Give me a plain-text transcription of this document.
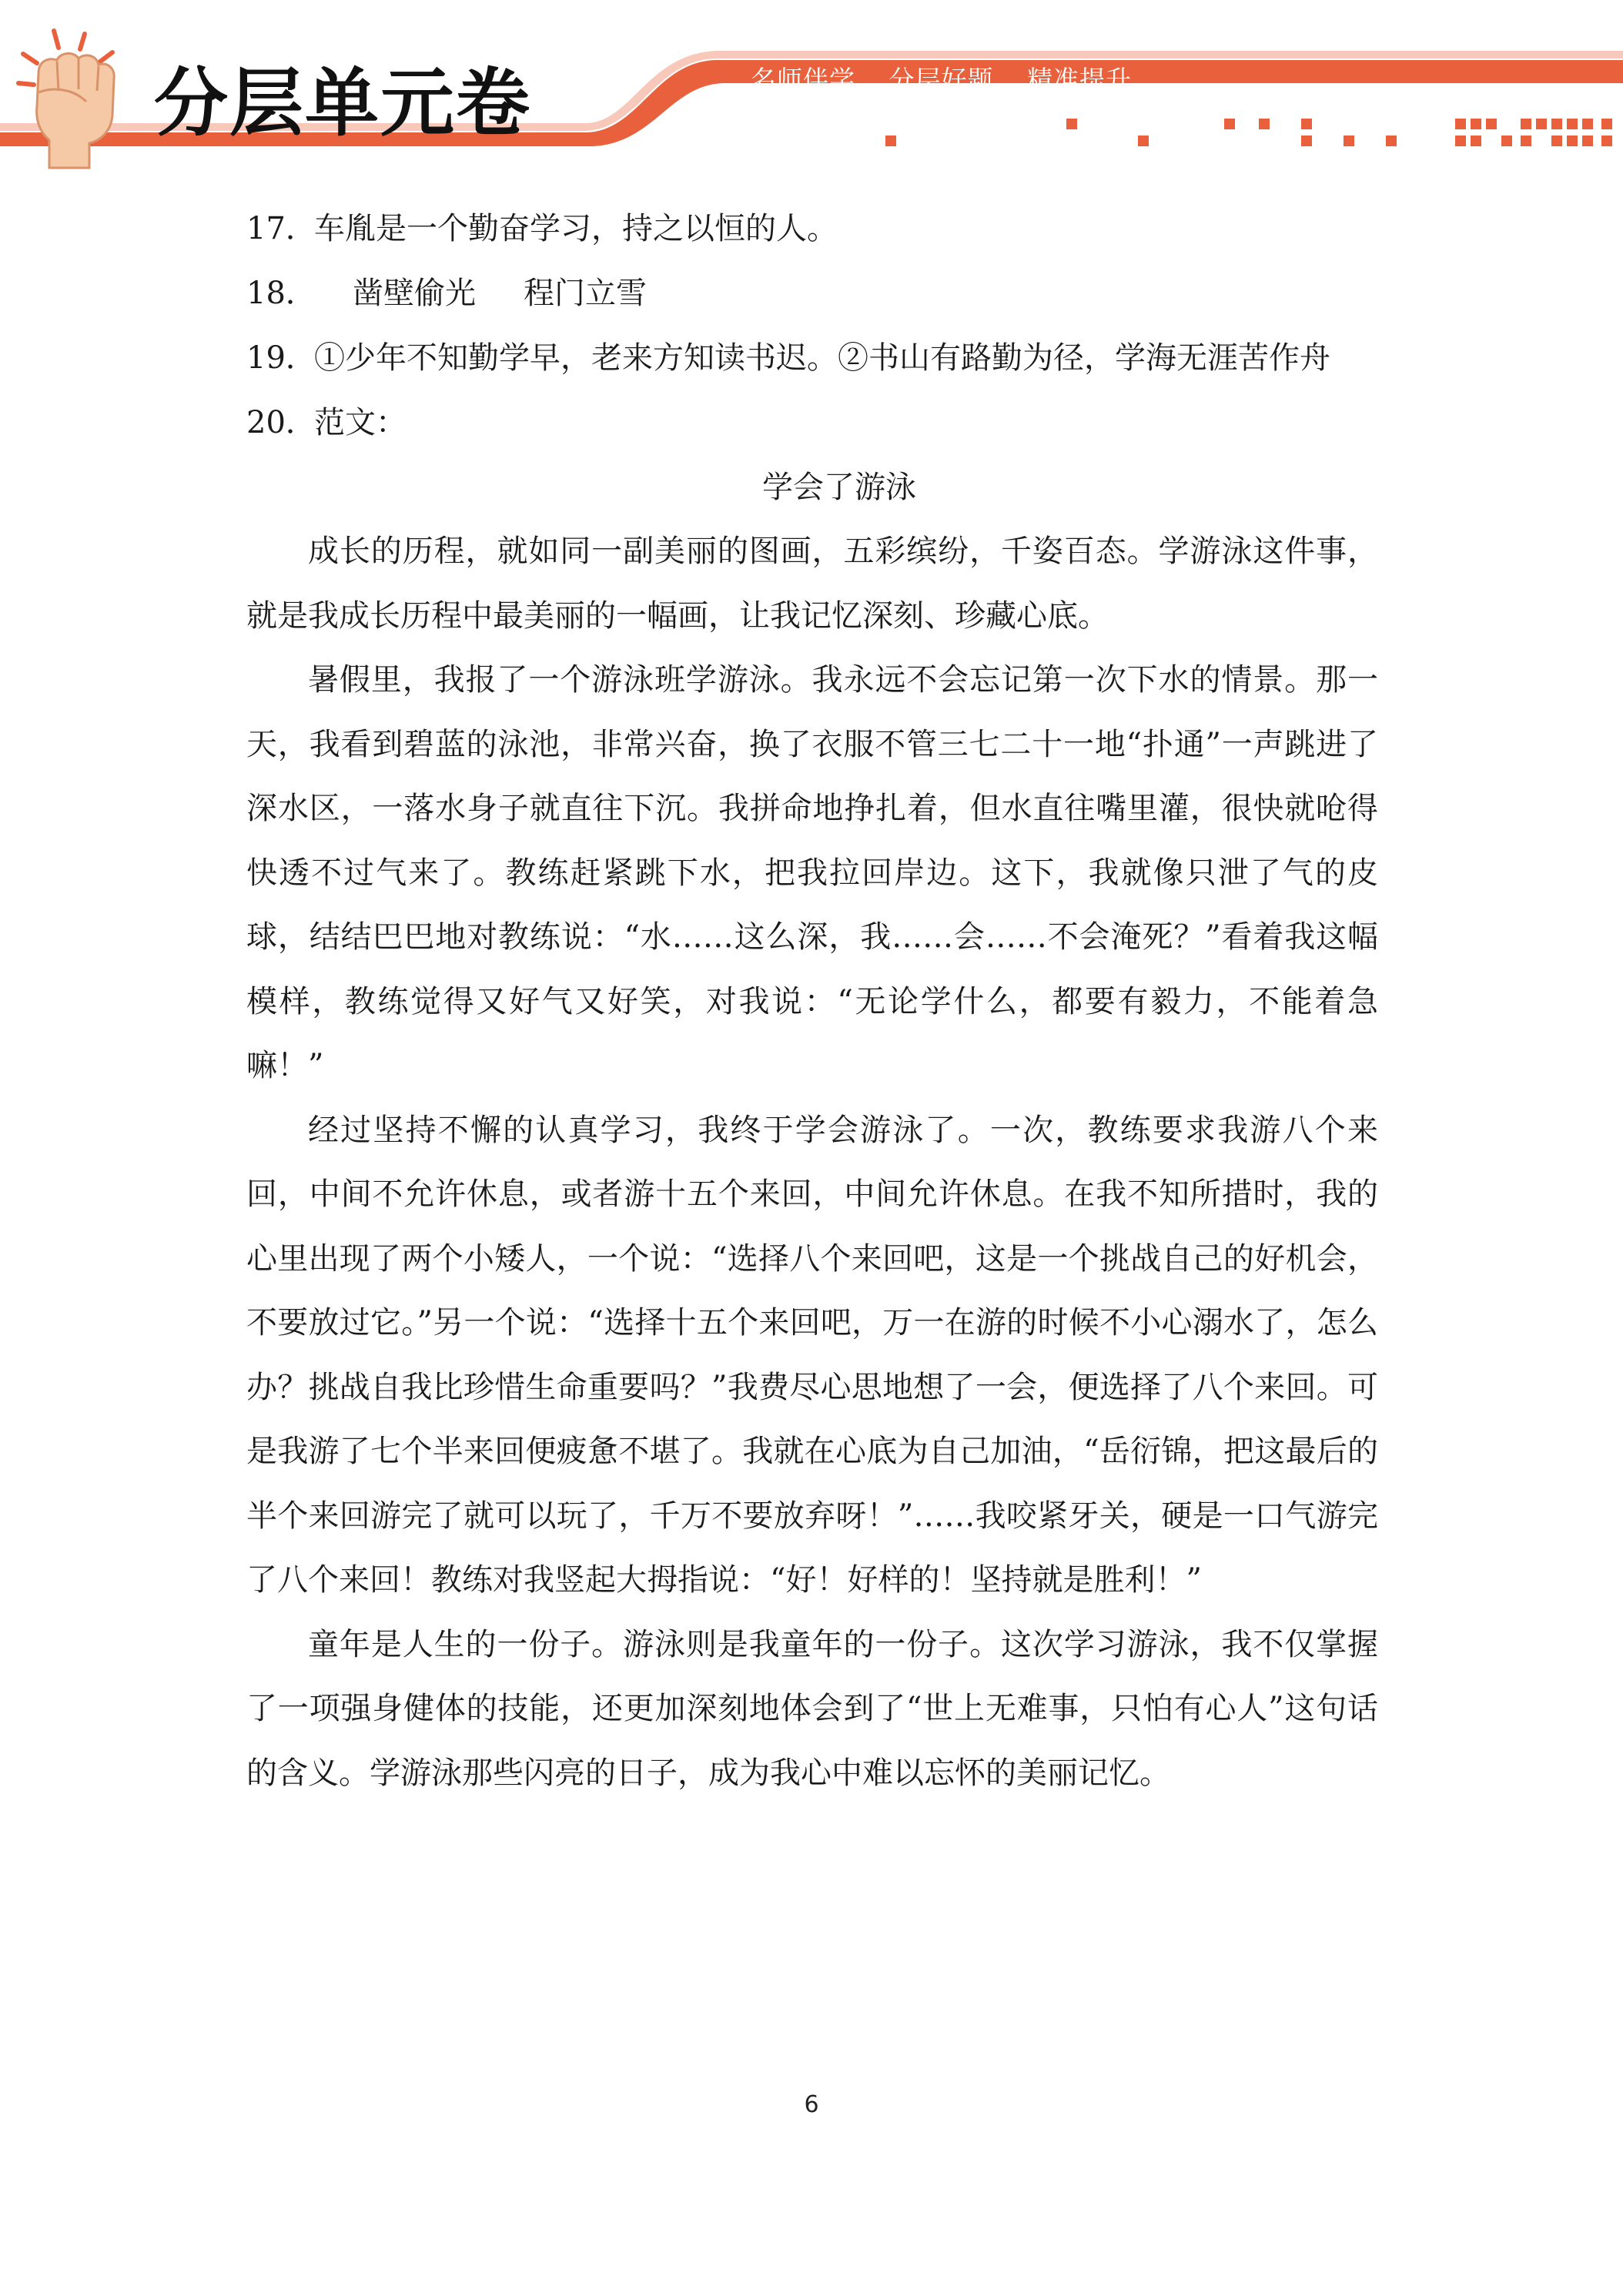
分层单元卷	名师伴学 分层好题 精准提升
17．车胤是一个勤奋学习，持之以恒的人。
18． 凿壁偷光 程门立雪
19．①少年不知勤学早，老来方知读书迟。②书山有路勤为径，学海无涯苦作舟
20．范文：
学会了游泳

成长的历程，就如同一副美丽的图画，五彩缤纷，千姿百态。学游泳这件事，就是我成长历程中最美丽的一幅画，让我记忆深刻、珍藏心底。

暑假里，我报了一个游泳班学游泳。我永远不会忘记第一次下水的情景。那一天，我看到碧蓝的泳池，非常兴奋，换了衣服不管三七二十一地“扑通”一声跳进了深水区，一落水身子就直往下沉。我拼命地挣扎着，但水直往嘴里灌，很快就呛得快透不过气来了。教练赶紧跳下水，把我拉回岸边。这下，我就像只泄了气的皮球，结结巴巴地对教练说：“水……这么深，我……会……不会淹死？”看着我这幅模样，教练觉得又好气又好笑，对我说：“无论学什么，都要有毅力，不能着急嘛！”

经过坚持不懈的认真学习，我终于学会游泳了。一次，教练要求我游八个来回，中间不允许休息，或者游十五个来回，中间允许休息。在我不知所措时，我的心里出现了两个小矮人，一个说：“选择八个来回吧，这是一个挑战自己的好机会，不要放过它。”另一个说：“选择十五个来回吧，万一在游的时候不小心溺水了，怎么办？挑战自我比珍惜生命重要吗？”我费尽心思地想了一会，便选择了八个来回。可是我游了七个半来回便疲惫不堪了。我就在心底为自己加油，“岳衍锦，把这最后的半个来回游完了就可以玩了，千万不要放弃呀！”……我咬紧牙关，硬是一口气游完了八个来回！教练对我竖起大拇指说：“好！好样的！坚持就是胜利！”

童年是人生的一份子。游泳则是我童年的一份子。这次学习游泳，我不仅掌握了一项强身健体的技能，还更加深刻地体会到了“世上无难事，只怕有心人”这句话的含义。学游泳那些闪亮的日子，成为我心中难以忘怀的美丽记忆。

6
